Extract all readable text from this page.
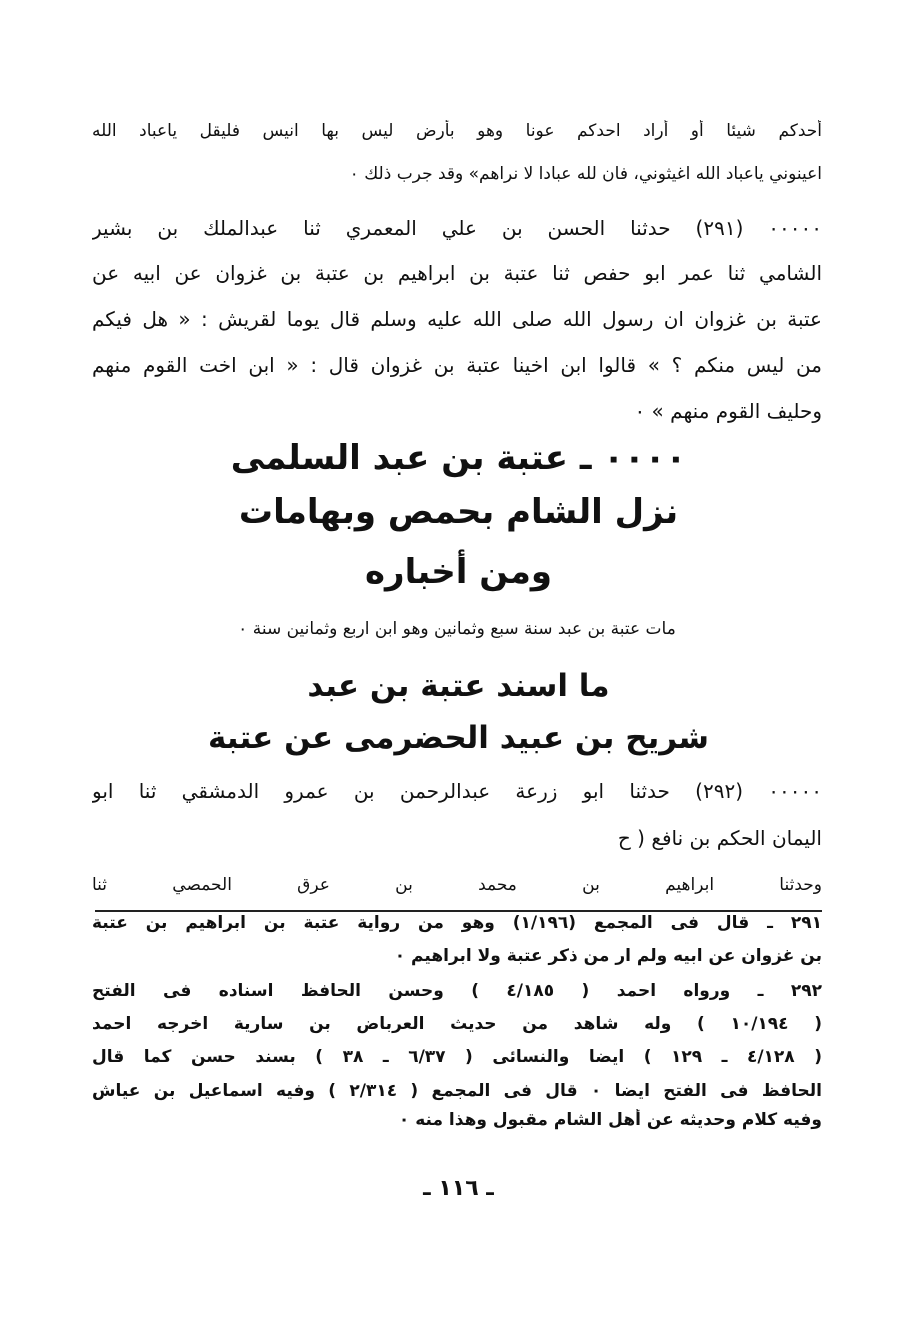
أحدكم شيئا أو أراد احدكم عونا وهو بأرض ليس بها انيس فليقل ياعباد الله
اعينوني ياعباد الله اغيثوني، فان لله عبادا لا نراهم» وقد جرب ذلك ٠
٠٠٠٠٠ (٢٩١) حدثنا الحسن بن علي المعمري ثنا عبدالملك بن بشير
الشامي ثنا عمر ابو حفص ثنا عتبة بن ابراهيم بن عتبة بن غزوان عن ابيه عن
عتبة بن غزوان ان رسول الله صلى الله عليه وسلم قال يوما لقريش : « هل فيكم
من ليس منكم ؟ » قالوا ابن اخينا عتبة بن غزوان قال : « ابن اخت القوم منهم
وحليف القوم منهم » ٠
٠٠٠٠ ـ عتبة بن عبد السلمى
نزل الشام بحمص وبهامات
ومن أخباره
مات عتبة بن عبد سنة سبع وثمانين وهو ابن اربع وثمانين سنة ٠
ما اسند عتبة بن عبد
شريح بن عبيد الحضرمى عن عتبة
٠٠٠٠٠ (٢٩٢) حدثنا ابو زرعة عبدالرحمن بن عمرو الدمشقي ثنا ابو
اليمان الحكم بن نافع ( ح
وحدثنا ابراهيم بن محمد بن عرق الحمصي ثنا
٢٩١ ـ قال فى المجمع (١/١٩٦) وهو من رواية عتبة بن ابراهيم بن عتبة
بن غزوان عن ابيه ولم ار من ذكر عتبة ولا ابراهيم ٠
٢٩٢ ـ ورواه احمد ( ٤/١٨٥ ) وحسن الحافظ اسناده فى الفتح
( ١٠/١٩٤ ) وله شاهد من حديث العرباض بن سارية اخرجه احمد
( ٤/١٢٨ ـ ١٢٩ ) ايضا والنسائى ( ٦/٣٧ ـ ٣٨ ) بسند حسن كما قال
الحافظ فى الفتح ايضا ٠ قال فى المجمع ( ٢/٣١٤ ) وفيه اسماعيل بن عياش
وفيه كلام وحديثه عن أهل الشام مقبول وهذا منه ٠
ـ ١١٦ ـ
